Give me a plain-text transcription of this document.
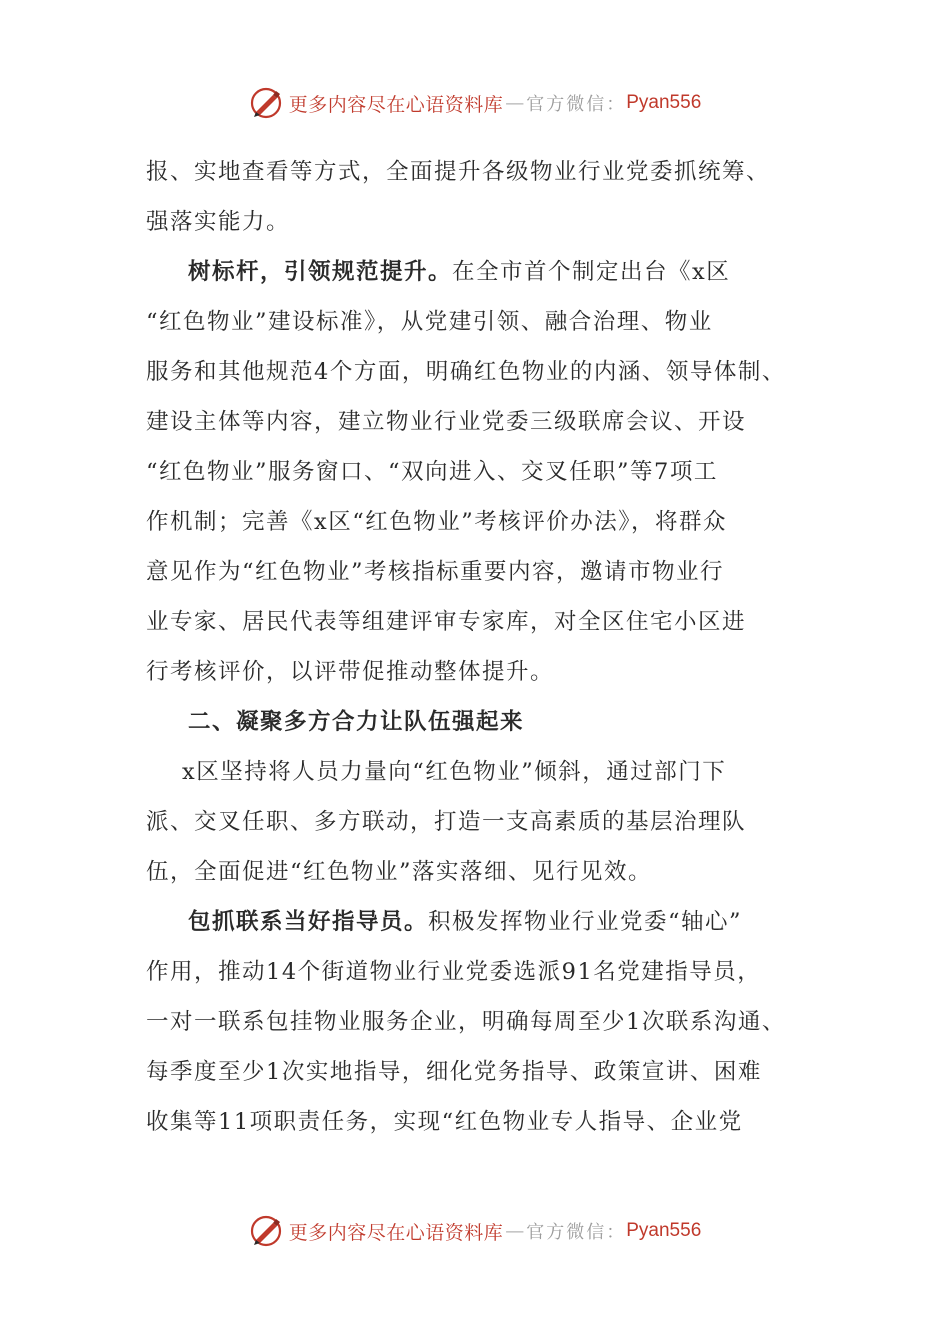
更多内容尽在心语资料库 — 官方微信： Pyan556
报、实地查看等方式，全面提升各级物业行业党委抓统筹、
强落实能力。
树标杆，引领规范提升。在全市首个制定出台《x区
“红色物业”建设标准》，从党建引领、融合治理、物业
服务和其他规范4个方面，明确红色物业的内涵、领导体制、
建设主体等内容，建立物业行业党委三级联席会议、开设
“红色物业”服务窗口、“双向进入、交叉任职”等7项工
作机制；完善《x区“红色物业”考核评价办法》，将群众
意见作为“红色物业”考核指标重要内容，邀请市物业行
业专家、居民代表等组建评审专家库，对全区住宅小区进
行考核评价，以评带促推动整体提升。
二、凝聚多方合力让队伍强起来
x区坚持将人员力量向“红色物业”倾斜，通过部门下
派、交叉任职、多方联动，打造一支高素质的基层治理队
伍，全面促进“红色物业”落实落细、见行见效。
包抓联系当好指导员。积极发挥物业行业党委“轴心”
作用，推动14个街道物业行业党委选派91名党建指导员，
一对一联系包挂物业服务企业，明确每周至少1次联系沟通、
每季度至少1次实地指导，细化党务指导、政策宣讲、困难
收集等11项职责任务，实现“红色物业专人指导、企业党
更多内容尽在心语资料库 — 官方微信： Pyan556
